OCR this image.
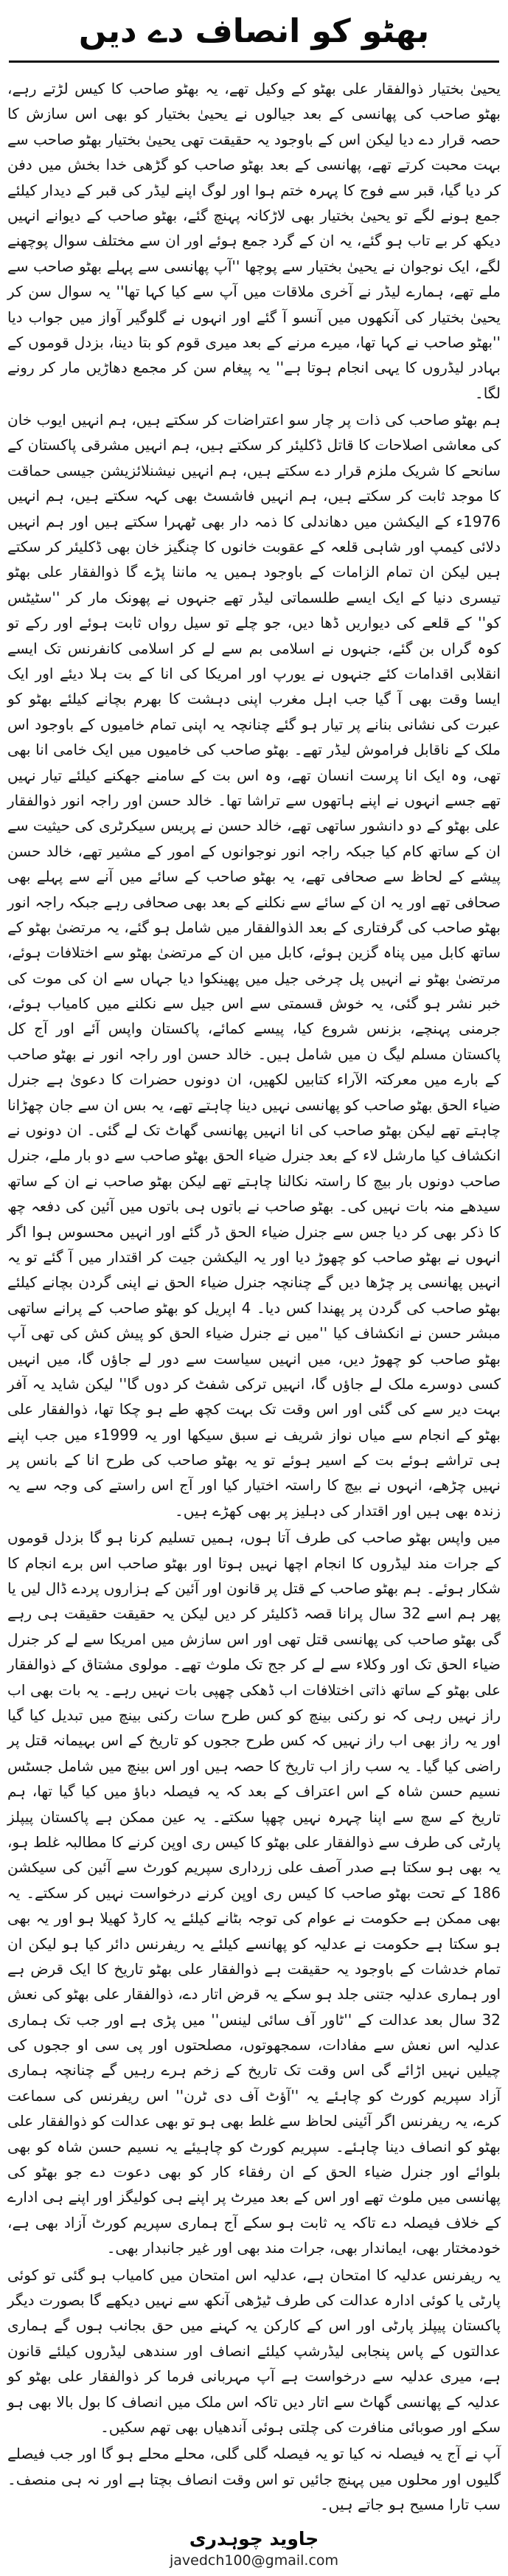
بھٹو کو انصاف دے دیں

یحییٰ بختیار ذوالفقار علی بھٹو کے وکیل تھے، یہ بھٹو صاحب کا کیس لڑتے رہے، بھٹو صاحب کی پھانسی کے بعد جیالوں نے یحییٰ بختیار کو بھی اس سازش کا حصہ قرار دے دیا لیکن اس کے باوجود یہ حقیقت تھی یحییٰ بختیار بھٹو صاحب سے بہت محبت کرتے تھے، پھانسی کے بعد بھٹو صاحب کو گڑھی خدا بخش میں دفن کر دیا گیا، قبر سے فوج کا پہرہ ختم ہوا اور لوگ اپنے لیڈر کی قبر کے دیدار کیلئے جمع ہونے لگے تو یحییٰ بختیار بھی لاڑکانہ پہنچ گئے، بھٹو صاحب کے دیوانے انہیں دیکھ کر بے تاب ہو گئے، یہ ان کے گرد جمع ہوئے اور ان سے مختلف سوال پوچھنے لگے، ایک نوجوان نے یحییٰ بختیار سے پوچھا ''آپ پھانسی سے پہلے بھٹو صاحب سے ملے تھے، ہمارے لیڈر نے آخری ملاقات میں آپ سے کیا کہا تھا'' یہ سوال سن کر یحییٰ بختیار کی آنکھوں میں آنسو آ گئے اور انہوں نے گلوگیر آواز میں جواب دیا ''بھٹو صاحب نے کہا تھا، میرے مرنے کے بعد میری قوم کو بتا دینا، بزدل قوموں کے بہادر لیڈروں کا یہی انجام ہوتا ہے'' یہ پیغام سن کر مجمع دھاڑیں مار کر رونے لگا۔

ہم بھٹو صاحب کی ذات پر چار سو اعتراضات کر سکتے ہیں، ہم انہیں ایوب خان کی معاشی اصلاحات کا قاتل ڈکلیئر کر سکتے ہیں، ہم انہیں مشرقی پاکستان کے سانحے کا شریک ملزم قرار دے سکتے ہیں، ہم انہیں نیشنلائزیشن جیسی حماقت کا موجد ثابت کر سکتے ہیں، ہم انہیں فاشسٹ بھی کہہ سکتے ہیں، ہم انہیں 1976ء کے الیکشن میں دھاندلی کا ذمہ دار بھی ٹھہرا سکتے ہیں اور ہم انہیں دلائی کیمپ اور شاہی قلعہ کے عقوبت خانوں کا چنگیز خان بھی ڈکلیئر کر سکتے ہیں لیکن ان تمام الزامات کے باوجود ہمیں یہ ماننا پڑے گا ذوالفقار علی بھٹو تیسری دنیا کے ایک ایسے طلسماتی لیڈر تھے جنہوں نے پھونک مار کر ''سٹیٹس کو'' کے قلعے کی دیواریں ڈھا دیں، جو چلے تو سیل رواں ثابت ہوئے اور رکے تو کوہ گراں بن گئے، جنہوں نے اسلامی بم سے لے کر اسلامی کانفرنس تک ایسے انقلابی اقدامات کئے جنہوں نے یورپ اور امریکا کی انا کے بت ہلا دیئے اور ایک ایسا وقت بھی آ گیا جب اہل مغرب اپنی دہشت کا بھرم بچانے کیلئے بھٹو کو عبرت کی نشانی بنانے پر تیار ہو گئے چنانچہ یہ اپنی تمام خامیوں کے باوجود اس ملک کے ناقابل فراموش لیڈر تھے۔ بھٹو صاحب کی خامیوں میں ایک خامی انا بھی تھی، وہ ایک انا پرست انسان تھے، وہ اس بت کے سامنے جھکنے کیلئے تیار نہیں تھے جسے انہوں نے اپنے ہاتھوں سے تراشا تھا۔ خالد حسن اور راجہ انور ذوالفقار علی بھٹو کے دو دانشور ساتھی تھے، خالد حسن نے پریس سیکرٹری کی حیثیت سے ان کے ساتھ کام کیا جبکہ راجہ انور نوجوانوں کے امور کے مشیر تھے، خالد حسن پیشے کے لحاظ سے صحافی تھے، یہ بھٹو صاحب کے سائے میں آنے سے پہلے بھی صحافی تھے اور یہ ان کے سائے سے نکلنے کے بعد بھی صحافی رہے جبکہ راجہ انور بھٹو صاحب کی گرفتاری کے بعد الذوالفقار میں شامل ہو گئے، یہ مرتضیٰ بھٹو کے ساتھ کابل میں پناہ گزین ہوئے، کابل میں ان کے مرتضیٰ بھٹو سے اختلافات ہوئے، مرتضیٰ بھٹو نے انہیں پل چرخی جیل میں پھینکوا دیا جہاں سے ان کی موت کی خبر نشر ہو گئی، یہ خوش قسمتی سے اس جیل سے نکلنے میں کامیاب ہوئے، جرمنی پہنچے، بزنس شروع کیا، پیسے کمائے، پاکستان واپس آئے اور آج کل پاکستان مسلم لیگ ن میں شامل ہیں۔ خالد حسن اور راجہ انور نے بھٹو صاحب کے بارے میں معرکتہ الآراء کتابیں لکھیں، ان دونوں حضرات کا دعویٰ ہے جنرل ضیاء الحق بھٹو صاحب کو پھانسی نہیں دینا چاہتے تھے، یہ بس ان سے جان چھڑانا چاہتے تھے لیکن بھٹو صاحب کی انا انہیں پھانسی گھاٹ تک لے گئی۔ ان دونوں نے انکشاف کیا مارشل لاء کے بعد جنرل ضیاء الحق بھٹو صاحب سے دو بار ملے، جنرل صاحب دونوں بار بیچ کا راستہ نکالنا چاہتے تھے لیکن بھٹو صاحب نے ان کے ساتھ سیدھے منہ بات نہیں کی۔ بھٹو صاحب نے باتوں ہی باتوں میں آئین کی دفعہ چھ کا ذکر بھی کر دیا جس سے جنرل ضیاء الحق ڈر گئے اور انہیں محسوس ہوا اگر انہوں نے بھٹو صاحب کو چھوڑ دیا اور یہ الیکشن جیت کر اقتدار میں آ گئے تو یہ انہیں پھانسی پر چڑھا دیں گے چنانچہ جنرل ضیاء الحق نے اپنی گردن بچانے کیلئے بھٹو صاحب کی گردن پر پھندا کس دیا۔ 4 اپریل کو بھٹو صاحب کے پرانے ساتھی مبشر حسن نے انکشاف کیا ''میں نے جنرل ضیاء الحق کو پیش کش کی تھی آپ بھٹو صاحب کو چھوڑ دیں، میں انہیں سیاست سے دور لے جاؤں گا، میں انہیں کسی دوسرے ملک لے جاؤں گا، انہیں ترکی شفٹ کر دوں گا'' لیکن شاید یہ آفر بہت دیر سے کی گئی اور اس وقت تک بہت کچھ طے ہو چکا تھا، ذوالفقار علی بھٹو کے انجام سے میاں نواز شریف نے سبق سیکھا اور یہ 1999ء میں جب اپنے ہی تراشے ہوئے بت کے اسیر ہوئے تو یہ بھٹو صاحب کی طرح انا کے بانس پر نہیں چڑھے، انہوں نے بیچ کا راستہ اختیار کیا اور آج اس راستے کی وجہ سے یہ زندہ بھی ہیں اور اقتدار کی دہلیز پر بھی کھڑے ہیں۔

میں واپس بھٹو صاحب کی طرف آتا ہوں، ہمیں تسلیم کرنا ہو گا بزدل قوموں کے جرات مند لیڈروں کا انجام اچھا نہیں ہوتا اور بھٹو صاحب اس برے انجام کا شکار ہوئے۔ ہم بھٹو صاحب کے قتل پر قانون اور آئین کے ہزاروں پردے ڈال لیں یا پھر ہم اسے 32 سال پرانا قصہ ڈکلیئر کر دیں لیکن یہ حقیقت حقیقت ہی رہے گی بھٹو صاحب کی پھانسی قتل تھی اور اس سازش میں امریکا سے لے کر جنرل ضیاء الحق تک اور وکلاء سے لے کر جج تک ملوث تھے۔ مولوی مشتاق کے ذوالفقار علی بھٹو کے ساتھ ذاتی اختلافات اب ڈھکی چھپی بات نہیں رہے۔ یہ بات بھی اب راز نہیں رہی کہ نو رکنی بینچ کو کس طرح سات رکنی بینچ میں تبدیل کیا گیا اور یہ راز بھی اب راز نہیں کہ کس طرح ججوں کو تاریخ کے اس بہیمانہ قتل پر راضی کیا گیا۔ یہ سب راز اب تاریخ کا حصہ ہیں اور اس بینچ میں شامل جسٹس نسیم حسن شاہ کے اس اعتراف کے بعد کہ یہ فیصلہ دباؤ میں کیا گیا تھا، ہم تاریخ کے سچ سے اپنا چہرہ نہیں چھپا سکتے۔ یہ عین ممکن ہے پاکستان پیپلز پارٹی کی طرف سے ذوالفقار علی بھٹو کا کیس ری اوپن کرنے کا مطالبہ غلط ہو، یہ بھی ہو سکتا ہے صدر آصف علی زرداری سپریم کورٹ سے آئین کی سیکشن 186 کے تحت بھٹو صاحب کا کیس ری اوپن کرنے درخواست نہیں کر سکتے۔ یہ بھی ممکن ہے حکومت نے عوام کی توجہ بٹانے کیلئے یہ کارڈ کھیلا ہو اور یہ بھی ہو سکتا ہے حکومت نے عدلیہ کو پھانسے کیلئے یہ ریفرنس دائر کیا ہو لیکن ان تمام خدشات کے باوجود یہ حقیقت ہے ذوالفقار علی بھٹو تاریخ کا ایک قرض ہے اور ہماری عدلیہ جتنی جلد ہو سکے یہ قرض اتار دے، ذوالفقار علی بھٹو کی نعش 32 سال بعد عدالت کے ''ٹاور آف سائی لینس'' میں پڑی ہے اور جب تک ہماری عدلیہ اس نعش سے مفادات، سمجھوتوں، مصلحتوں اور پی سی او ججوں کی چیلیں نہیں اڑائے گی اس وقت تک تاریخ کے زخم ہرے رہیں گے چنانچہ ہماری آزاد سپریم کورٹ کو چاہئے یہ ''آؤٹ آف دی ٹرن'' اس ریفرنس کی سماعت کرے، یہ ریفرنس اگر آئینی لحاظ سے غلط بھی ہو تو بھی عدالت کو ذوالفقار علی بھٹو کو انصاف دینا چاہئے۔ سپریم کورٹ کو چاہیئے یہ نسیم حسن شاہ کو بھی بلوائے اور جنرل ضیاء الحق کے ان رفقاء کار کو بھی دعوت دے جو بھٹو کی پھانسی میں ملوث تھے اور اس کے بعد میرٹ پر اپنے ہی کولیگز اور اپنے ہی ادارے کے خلاف فیصلہ دے تاکہ یہ ثابت ہو سکے آج ہماری سپریم کورٹ آزاد بھی ہے، خودمختار بھی، ایماندار بھی، جرات مند بھی اور غیر جانبدار بھی۔

یہ ریفرنس عدلیہ کا امتحان ہے، عدلیہ اس امتحان میں کامیاب ہو گئی تو کوئی پارٹی یا کوئی ادارہ عدالت کی طرف ٹیڑھی آنکھ سے نہیں دیکھے گا بصورت دیگر پاکستان پیپلز پارٹی اور اس کے کارکن یہ کہنے میں حق بجانب ہوں گے ہماری عدالتوں کے پاس پنجابی لیڈرشپ کیلئے انصاف اور سندھی لیڈروں کیلئے قانون ہے، میری عدلیہ سے درخواست ہے آپ مہربانی فرما کر ذوالفقار علی بھٹو کو عدلیہ کے پھانسی گھاٹ سے اتار دیں تاکہ اس ملک میں انصاف کا بول بالا بھی ہو سکے اور صوبائی منافرت کی چلتی ہوئی آندھیاں بھی تھم سکیں۔

آپ نے آج یہ فیصلہ نہ کیا تو یہ فیصلہ گلی گلی، محلے محلے ہو گا اور جب فیصلے گلیوں اور محلوں میں پہنچ جائیں تو اس وقت انصاف بچتا ہے اور نہ ہی منصف۔ سب تارا مسیح ہو جاتے ہیں۔

جاوید چوہدری
javedch100@gmail.com
